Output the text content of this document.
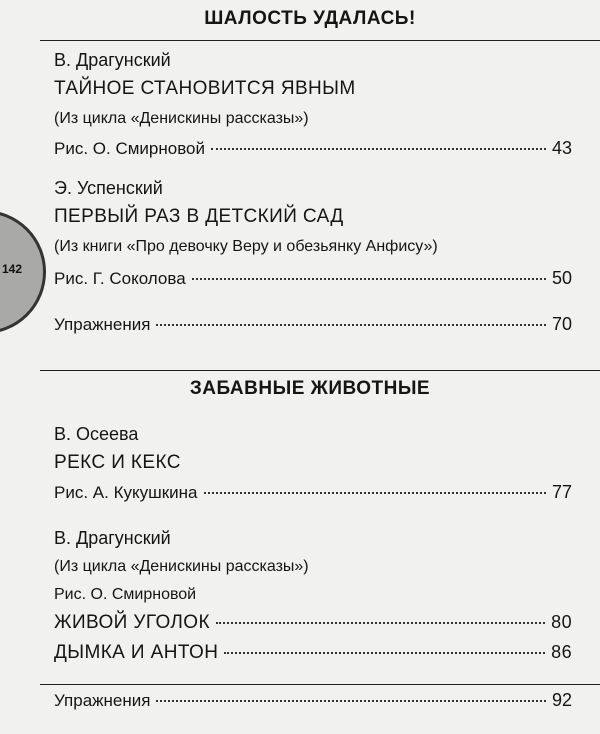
142
ШАЛОСТЬ УДАЛАСЬ!
В. Драгунский
ТАЙНОЕ СТАНОВИТСЯ ЯВНЫМ
(Из цикла «Денискины рассказы»)
Рис. О. Смирновой	43
Э. Успенский
ПЕРВЫЙ РАЗ В ДЕТСКИЙ САД
(Из книги «Про девочку Веру и обезьянку Анфису»)
Рис. Г. Соколова	50
Упражнения	70
ЗАБАВНЫЕ ЖИВОТНЫЕ
В. Осеева
РЕКС И КЕКС
Рис. А. Кукушкина	77
В. Драгунский
(Из цикла «Денискины рассказы»)
Рис. О. Смирновой
ЖИВОЙ УГОЛОК	80
ДЫМКА И АНТОН	86
Упражнения	92
